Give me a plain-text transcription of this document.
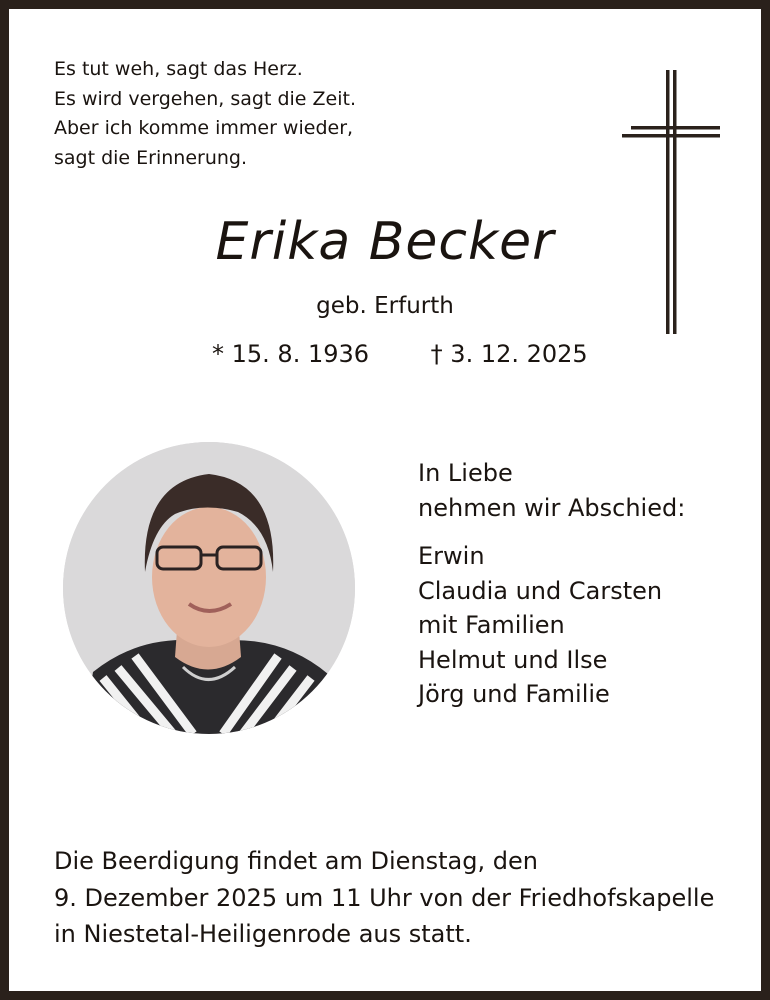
Es tut weh, sagt das Herz.
Es wird vergehen, sagt die Zeit.
Aber ich komme immer wieder,
sagt die Erinnerung.
Erika Becker
geb. Erfurth
* 15. 8. 1936	† 3. 12. 2025
In Liebe
nehmen wir Abschied:
Erwin
Claudia und Carsten
mit Familien
Helmut und Ilse
Jörg und Familie
Die Beerdigung findet am Dienstag, den
9. Dezember 2025 um 11 Uhr von der Friedhofskapelle
in Niestetal-Heiligenrode aus statt.
